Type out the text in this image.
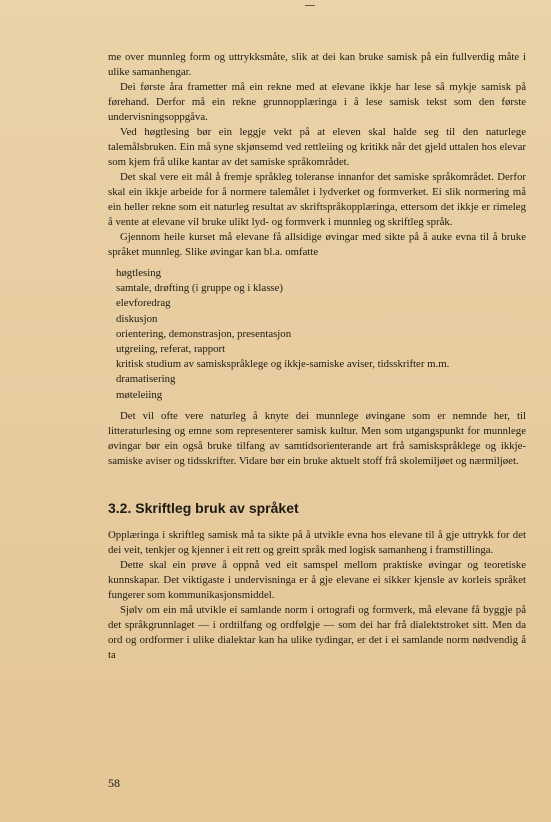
me over munnleg form og uttrykksmåte, slik at dei kan bruke samisk på ein fullverdig måte i ulike samanhengar.

Dei første åra frametter må ein rekne med at elevane ikkje har lese så mykje samisk på førehand. Derfor må ein rekne grunnopplæringa i å lese samisk tekst som den første undervisningsoppgåva.

Ved høgtlesing bør ein leggje vekt på at eleven skal halde seg til den naturlege talemålsbruken. Ein må syne skjønsemd ved rettleiing og kritikk når det gjeld uttalen hos elevar som kjem frå ulike kantar av det samiske språkområdet.

Det skal vere eit mål å fremje språkleg toleranse innanfor det samiske språkområdet. Derfor skal ein ikkje arbeide for å normere talemålet i lydverket og formverket. Ei slik normering må ein heller rekne som eit naturleg resultat av skriftspråkopplæringa, ettersom det ikkje er rimeleg å vente at elevane vil bruke ulikt lyd- og formverk i munnleg og skriftleg språk.

Gjennom heile kurset må elevane få allsidige øvingar med sikte på å auke evna til å bruke språket munnleg. Slike øvingar kan bl.a. omfatte

høgtlesing
samtale, drøfting (i gruppe og i klasse)
elevforedrag
diskusjon
orientering, demonstrasjon, presentasjon
utgreiing, referat, rapport
kritisk studium av samiskspråklege og ikkje-samiske aviser, tidsskrifter m.m.
dramatisering
møteleiing

Det vil ofte vere naturleg å knyte dei munnlege øvingane som er nemnde her, til litteraturlesing og emne som representerer samisk kultur. Men som utgangspunkt for munnlege øvingar bør ein også bruke tilfang av samtidsorienterande art frå samiskspråklege og ikkje-samiske aviser og tidsskrifter. Vidare bør ein bruke aktuelt stoff frå skolemiljøet og nærmiljøet.

3.2. Skriftleg bruk av språket

Opplæringa i skriftleg samisk må ta sikte på å utvikle evna hos elevane til å gje uttrykk for det dei veit, tenkjer og kjenner i eit rett og greitt språk med logisk samanheng i framstillinga.

Dette skal ein prøve å oppnå ved eit samspel mellom praktiske øvingar og teoretiske kunnskapar. Det viktigaste i undervisninga er å gje elevane ei sikker kjensle av korleis språket fungerer som kommunikasjonsmiddel.

Sjølv om ein må utvikle ei samlande norm i ortografi og formverk, må elevane få byggje på det språkgrunnlaget — i ordtilfang og ordfølgje — som dei har frå dialektstroket sitt. Men da ord og ordformer i ulike dialektar kan ha ulike tydingar, er det i ei samlande norm nødvendig å ta

58
